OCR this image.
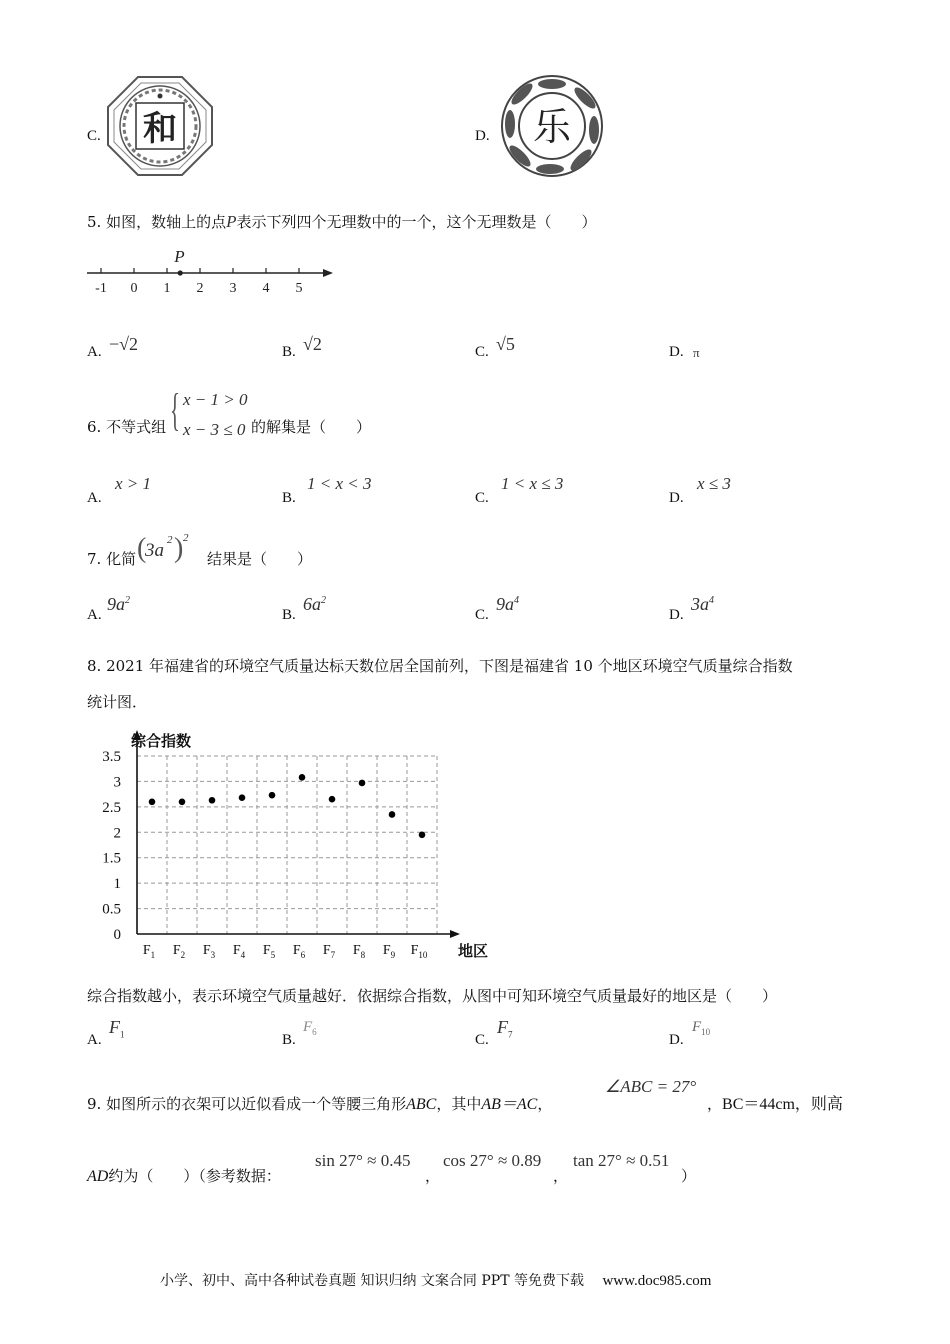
C. 和	D. 乐
5. 如图，数轴上的点P表示下列四个无理数中的一个，这个无理数是（　　）
-1 0 1 2 3 4 5
P
A. −√2	B. √2	C. √5	D. π
6. 不等式组 { x − 1 > 0
x − 3 ≤ 0 的解集是（　　）
A.
x > 1
B.
1 < x < 3
C.
1 < x ≤ 3
D.
x ≤ 3
7. 化简 (
3a 2 ) 2
结果是（　　）
A.
$9a^2$
B.
$6a^2$
C.
$9a^4$
D.
$3a^4$
8. 2021 年福建省的环境空气质量达标天数位居全国前列，下图是福建省 10 个地区环境空气质量综合指数
统计图．
0
0.5
1
1.5
2
2.5
3
3.5
$F_1$ $F_2$ $F_3$ $F_4$ $F_5$ $F_6$ $F_7$ $F_8$ $F_9$ $F_{10}$
综合指数
地区
综合指数越小，表示环境空气质量越好．依据综合指数，从图中可知环境空气质量最好的地区是（　　）
A.
$F_1$	B.
$F_6$	C.
$F_7$	D.
$F_{10}$
9. 如图所示的衣架可以近似看成一个等腰三角形ABC，其中AB＝AC，
∠ABC = 27°
，BC＝44cm，则高
AD约为（　　）（参考数据：
sin 27° ≈ 0.45
，
cos 27° ≈ 0.89
，
tan 27° ≈ 0.51
）
小学、初中、高中各种试卷真题 知识归纳 文案合同 PPT 等免费下载 www.doc985.com
